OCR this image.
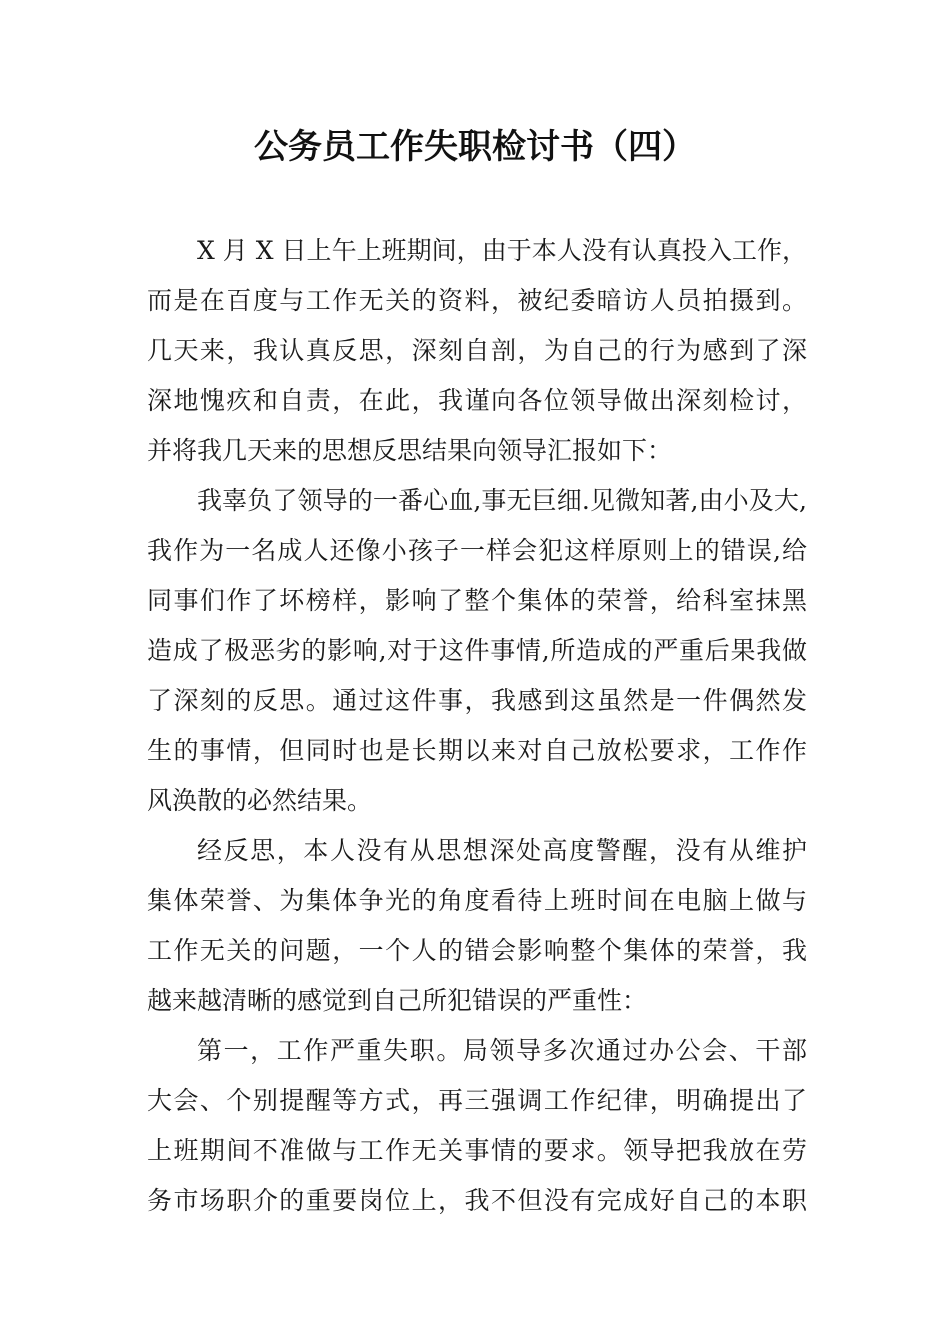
公务员工作失职检讨书（四）
X 月 X 日上午上班期间，由于本人没有认真投入工作，
而是在百度与工作无关的资料，被纪委暗访人员拍摄到。
几天来，我认真反思，深刻自剖，为自己的行为感到了深
深地愧疚和自责，在此，我谨向各位领导做出深刻检讨，
并将我几天来的思想反思结果向领导汇报如下：
我辜负了领导的一番心血,事无巨细.见微知著,由小及大,
我作为一名成人还像小孩子一样会犯这样原则上的错误,给
同事们作了坏榜样，影响了整个集体的荣誉，给科室抹黑
造成了极恶劣的影响,对于这件事情,所造成的严重后果我做
了深刻的反思。通过这件事，我感到这虽然是一件偶然发
生的事情，但同时也是长期以来对自己放松要求，工作作
风涣散的必然结果。
经反思，本人没有从思想深处高度警醒，没有从维护
集体荣誉、为集体争光的角度看待上班时间在电脑上做与
工作无关的问题，一个人的错会影响整个集体的荣誉，我
越来越清晰的感觉到自己所犯错误的严重性：
第一，工作严重失职。局领导多次通过办公会、干部
大会、个别提醒等方式，再三强调工作纪律，明确提出了
上班期间不准做与工作无关事情的要求。领导把我放在劳
务市场职介的重要岗位上，我不但没有完成好自己的本职
